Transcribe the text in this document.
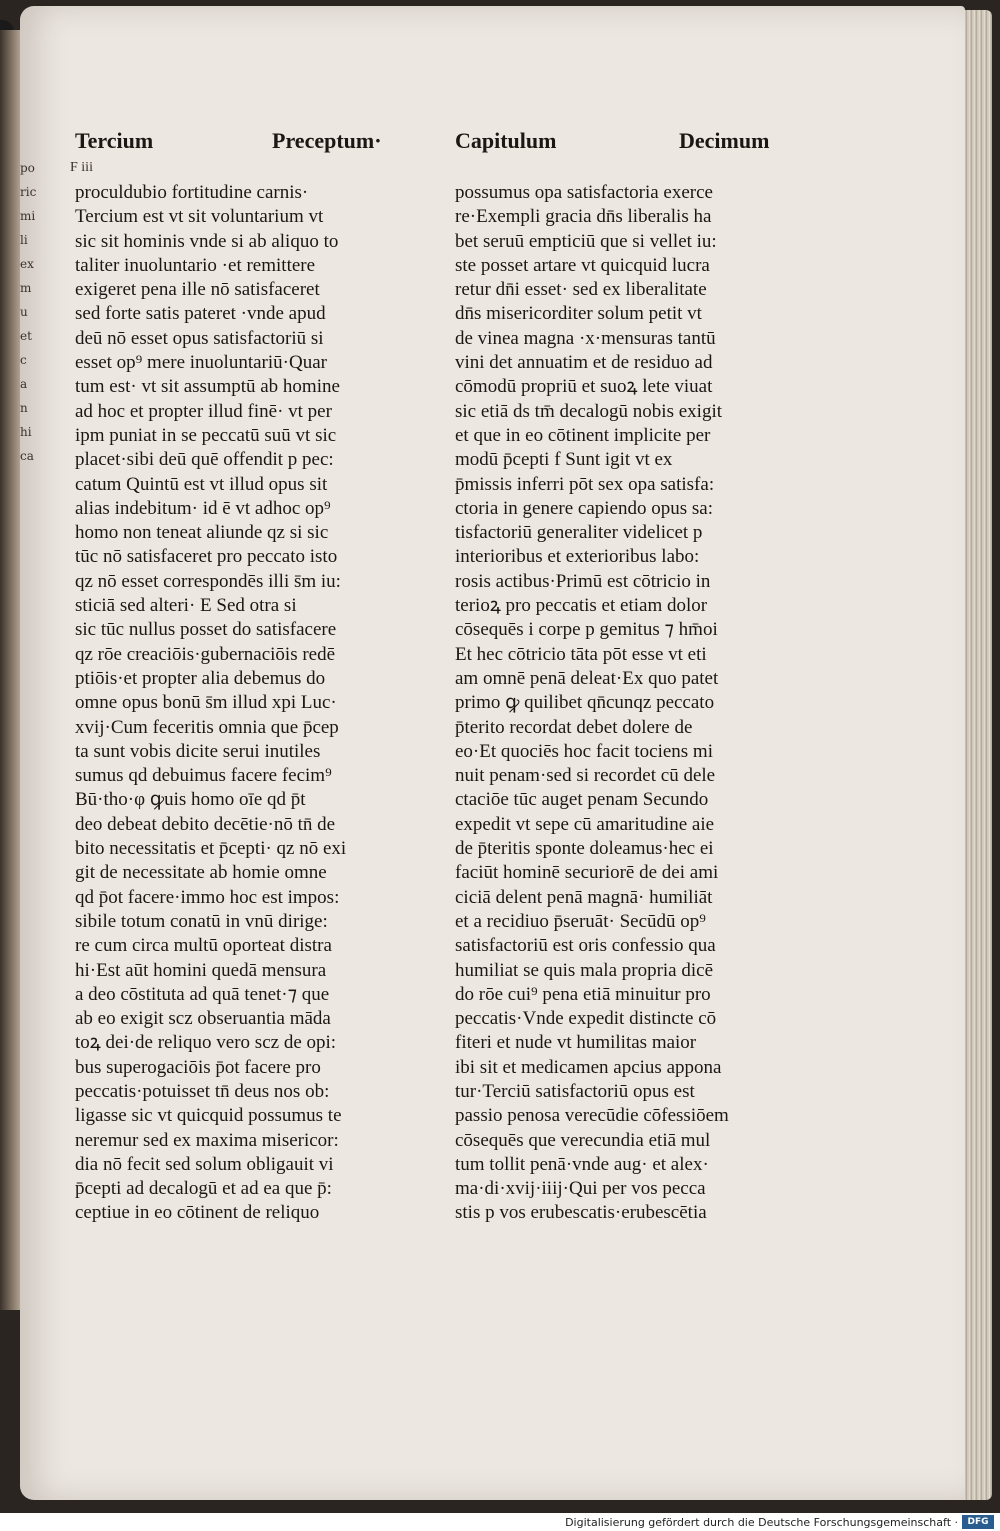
po
ric
mi
li
ex
m
u
et
c
a
n
hi
ca
Tercium	Preceptum·	Capitulum	Decimum
F iii
proculdubio fortitudine carnis·
Tercium est vt sit voluntarium vt
sic sit hominis vnde si ab aliquo to
taliter inuoluntario ·et remittere
exigeret pena ille nō satisfaceret
sed forte satis pateret ·vnde apud
deū nō esset opus satisfactoriū si
esset op⁹ mere inuoluntariū·Quar
tum est· vt sit assumptū ab homine
ad hoc et propter illud finē· vt per
ipm puniat in se peccatū suū vt sic
placet·sibi deū quē offendit p pec:
catum Quintū est vt illud opus sit
alias indebitum· id ē vt adhoc op⁹
homo non teneat aliunde qz si sic
tūc nō satisfaceret pro peccato isto
qz nō esset correspondēs illi s̄m iu:
sticiā sed alteri· E Sed otra si
sic tūc nullus posset do satisfacere
qz rōe creaciōis·gubernaciōis redē
ptiōis·et propter alia debemus do
omne opus bonū s̄m illud xpi Luc·
xvij·Cum feceritis omnia que p̄cep
ta sunt vobis dicite serui inutiles
sumus qd debuimus facere fecim⁹
Bū·tho·φ ꝙuis homo oīe qd p̄t
deo debeat debito decētie·nō tn̄ de
bito necessitatis et p̄cepti· qz nō exi
git de necessitate ab homie omne
qd p̄ot facere·immo hoc est impos:
sibile totum conatū in vnū dirige:
re cum circa multū oporteat distra
hi·Est aūt homini quedā mensura
a deo cōstituta ad quā tenet·⁊ que
ab eo exigit scz obseruantia māda
toꝝ dei·de reliquo vero scz de opi:
bus superogaciōis p̄ot facere pro
peccatis·potuisset tn̄ deus nos ob:
ligasse sic vt quicquid possumus te
neremur sed ex maxima misericor:
dia nō fecit sed solum obligauit vi
p̄cepti ad decalogū et ad ea que p̄:
ceptiue in eo cōtinent de reliquo
possumus opa satisfactoria exerce
re·Exempli gracia dn̄s liberalis ha
bet seruū empticiū que si vellet iu:
ste posset artare vt quicquid lucra
retur dn̄i esset· sed ex liberalitate
dn̄s misericorditer solum petit vt
de vinea magna ·x·mensuras tantū
vini det annuatim et de residuo ad
cōmodū propriū et suoꝝ lete viuat
sic etiā ds tm̄ decalogū nobis exigit
et que in eo cōtinent implicite per
modū p̄cepti f Sunt igit vt ex
p̄missis inferri pōt sex opa satisfa:
ctoria in genere capiendo opus sa:
tisfactoriū generaliter videlicet p
interioribus et exterioribus labo:
rosis actibus·Primū est cōtricio in
terioꝝ pro peccatis et etiam dolor
cōsequēs i corpe p gemitus ⁊ hm̄oi
Et hec cōtricio tāta pōt esse vt eti
am omnē penā deleat·Ex quo patet
primo ꝙ quilibet qn̄cunqz peccato
p̄terito recordat debet dolere de
eo·Et quociēs hoc facit tociens mi
nuit penam·sed si recordet cū dele
ctaciōe tūc auget penam Secundo
expedit vt sepe cū amaritudine aie
de p̄teritis sponte doleamus·hec ei
faciūt hominē securiorē de dei ami
ciciā delent penā magnā· humiliāt
et a recidiuo p̄seruāt· Secūdū op⁹
satisfactoriū est oris confessio qua
humiliat se quis mala propria dicē
do rōe cui⁹ pena etiā minuitur pro
peccatis·Vnde expedit distincte cō
fiteri et nude vt humilitas maior
ibi sit et medicamen apcius appona
tur·Terciū satisfactoriū opus est
passio penosa verecūdie cōfessiōem
cōsequēs que verecundia etiā mul
tum tollit penā·vnde aug· et alex·
ma·di·xvij·iiij·Qui per vos pecca
stis p vos erubescatis·erubescētia
Digitalisierung gefördert durch die Deutsche Forschungsgemeinschaft ·	DFG
